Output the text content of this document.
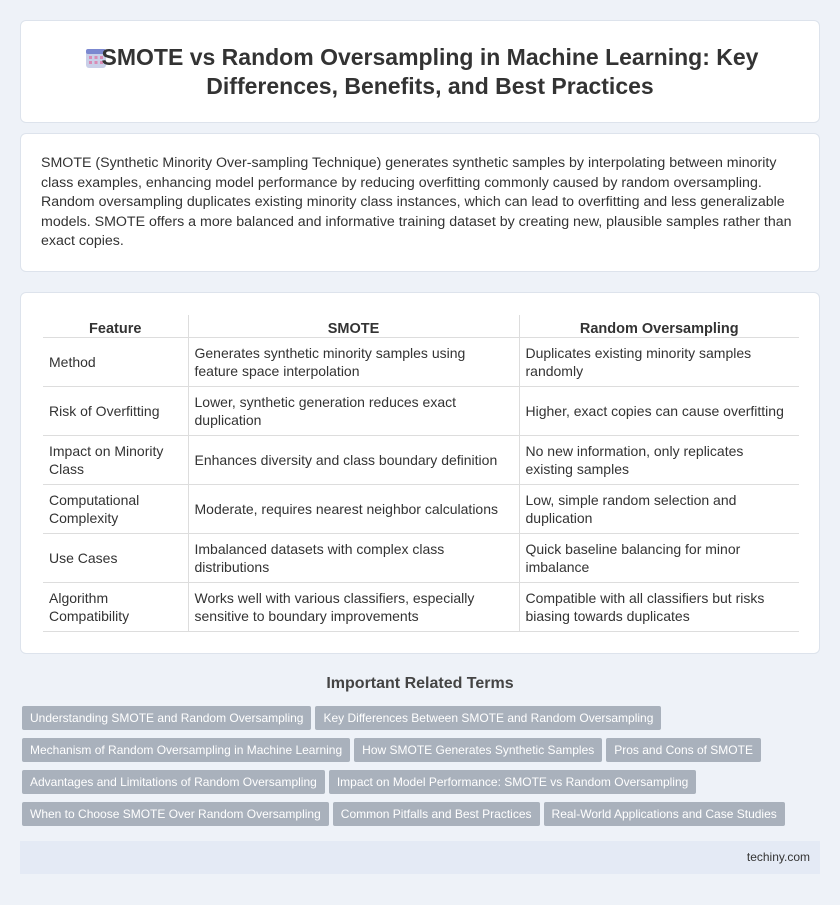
SMOTE vs Random Oversampling in Machine Learning: Key Differences, Benefits, and Best Practices

SMOTE (Synthetic Minority Over-sampling Technique) generates synthetic samples by interpolating between minority class examples, enhancing model performance by reducing overfitting commonly caused by random oversampling. Random oversampling duplicates existing minority class instances, which can lead to overfitting and less generalizable models. SMOTE offers a more balanced and informative training dataset by creating new, plausible samples rather than exact copies.

Feature	SMOTE	Random Oversampling
Method	Generates synthetic minority samples using feature space interpolation	Duplicates existing minority samples randomly
Risk of Overfitting	Lower, synthetic generation reduces exact duplication	Higher, exact copies can cause overfitting
Impact on Minority Class	Enhances diversity and class boundary definition	No new information, only replicates existing samples
Computational Complexity	Moderate, requires nearest neighbor calculations	Low, simple random selection and duplication
Use Cases	Imbalanced datasets with complex class distributions	Quick baseline balancing for minor imbalance
Algorithm Compatibility	Works well with various classifiers, especially sensitive to boundary improvements	Compatible with all classifiers but risks biasing towards duplicates
Important Related Terms
Understanding SMOTE and Random Oversampling Key Differences Between SMOTE and Random Oversampling
Mechanism of Random Oversampling in Machine Learning How SMOTE Generates Synthetic Samples Pros and Cons of SMOTE
Advantages and Limitations of Random Oversampling Impact on Model Performance: SMOTE vs Random Oversampling
When to Choose SMOTE Over Random Oversampling Common Pitfalls and Best Practices Real-World Applications and Case Studies
techiny.com
